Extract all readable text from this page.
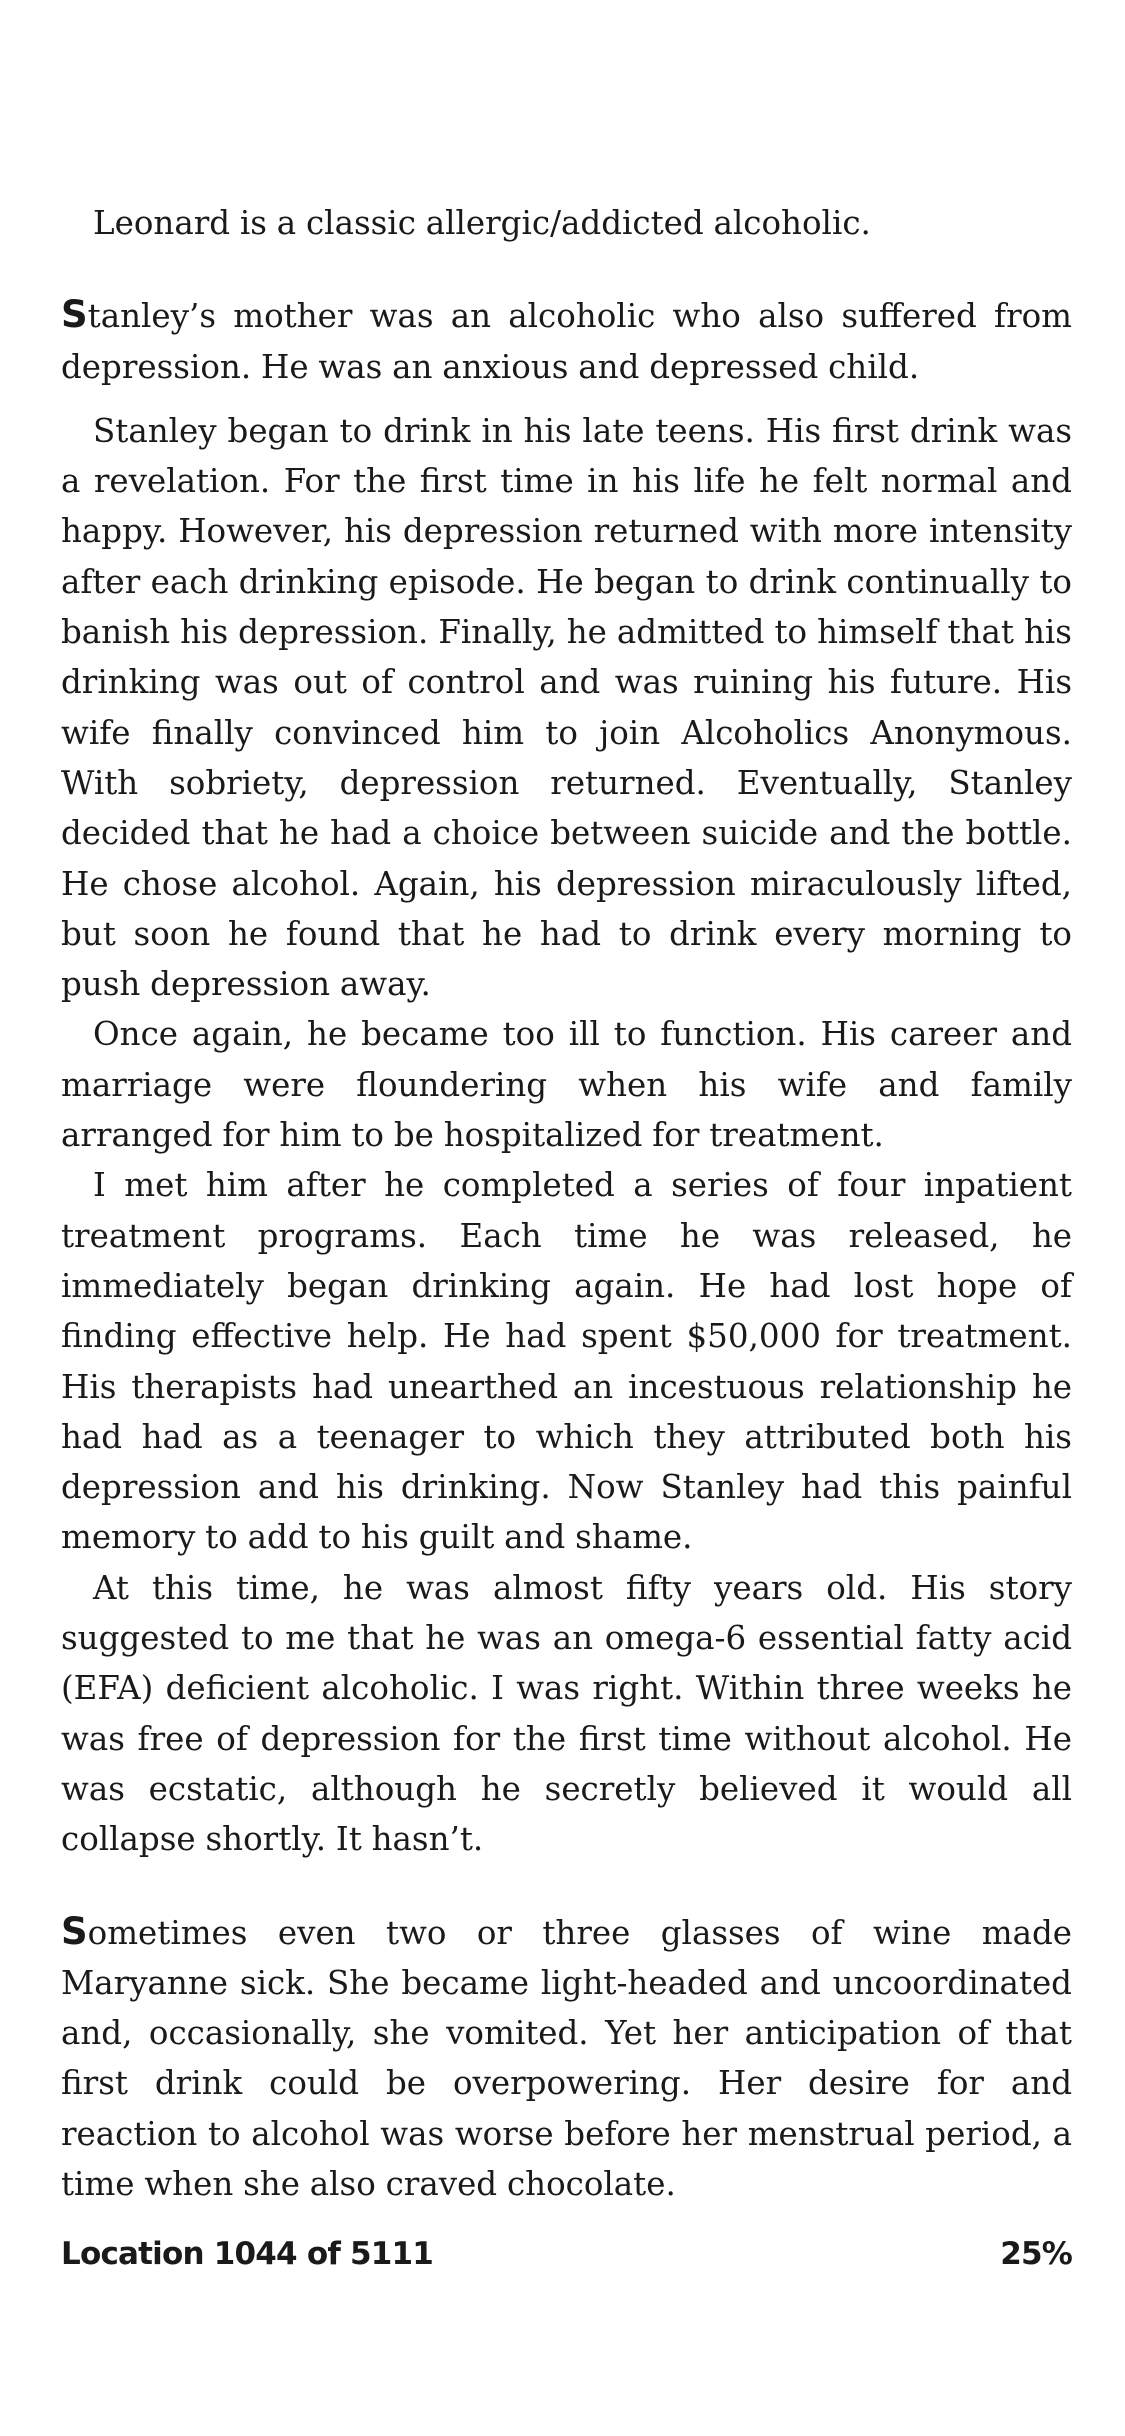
Leonard is a classic allergic/addicted alcoholic.

Stanley’s mother was an alcoholic who also suffered from depression. He was an anxious and depressed child.

Stanley began to drink in his late teens. His first drink was a revelation. For the first time in his life he felt normal and happy. However, his depression returned with more intensity after each drinking episode. He began to drink continually to banish his depression. Finally, he admitted to himself that his drinking was out of control and was ruining his future. His wife finally convinced him to join Alcoholics Anonymous. With sobriety, depression returned. Eventually, Stanley decided that he had a choice between suicide and the bottle. He chose alcohol. Again, his depression miraculously lifted, but soon he found that he had to drink every morning to push depression away.

Once again, he became too ill to function. His career and marriage were floundering when his wife and family arranged for him to be hospitalized for treatment.

I met him after he completed a series of four inpatient treatment programs. Each time he was released, he immediately began drinking again. He had lost hope of finding effective help. He had spent $50,000 for treatment. His therapists had unearthed an incestuous relationship he had had as a teenager to which they attributed both his depression and his drinking. Now Stanley had this painful memory to add to his guilt and shame.

At this time, he was almost fifty years old. His story suggested to me that he was an omega-6 essential fatty acid (EFA) deficient alcoholic. I was right. Within three weeks he was free of depression for the first time without alcohol. He was ecstatic, although he secretly believed it would all collapse shortly. It hasn’t.

Sometimes even two or three glasses of wine made Maryanne sick. She became light-headed and uncoordinated and, occasionally, she vomited. Yet her anticipation of that first drink could be overpowering. Her desire for and reaction to alcohol was worse before her menstrual period, a time when she also craved chocolate.

Location 1044 of 5111	25%
